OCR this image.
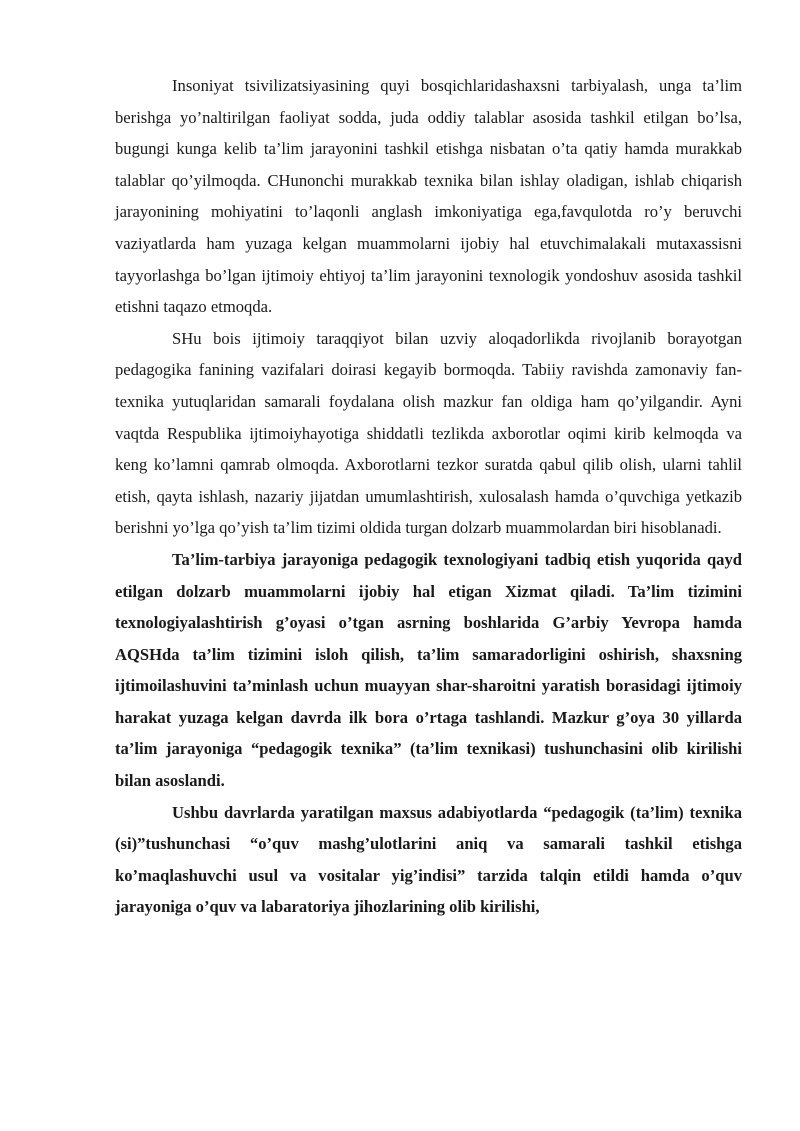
Insoniyat tsivilizatsiyasining quyi bosqichlaridashaxsni tarbiyalash, unga ta’lim berishga yo’naltirilgan faoliyat sodda, juda oddiy talablar asosida tashkil etilgan bo’lsa, bugungi kunga kelib ta’lim jarayonini tashkil etishga nisbatan o’ta qatiy hamda murakkab talablar qo’yilmoqda. CHunonchi murakkab texnika bilan ishlay oladigan, ishlab chiqarish jarayonining mohiyatini to’laqonli anglash imkoniyatiga ega,favqulotda ro’y beruvchi vaziyatlarda ham yuzaga kelgan muammolarni ijobiy hal etuvchimalakali mutaxassisni tayyorlashga bo’lgan ijtimoiy ehtiyoj ta’lim jarayonini texnologik yondoshuv asosida tashkil etishni taqazo etmoqda.

SHu bois ijtimoiy taraqqiyot bilan uzviy aloqadorlikda rivojlanib borayotgan pedagogika fanining vazifalari doirasi kegayib bormoqda. Tabiiy ravishda zamonaviy fan-texnika yutuqlaridan samarali foydalana olish mazkur fan oldiga ham qo’yilgandir. Ayni vaqtda Respublika ijtimoiyhayotiga shiddatli tezlikda axborotlar oqimi kirib kelmoqda va keng ko’lamni qamrab olmoqda. Axborotlarni tezkor suratda qabul qilib olish, ularni tahlil etish, qayta ishlash, nazariy jijatdan umumlashtirish, xulosalash hamda o’quvchiga yetkazib berishni yo’lga qo’yish ta’lim tizimi oldida turgan dolzarb muammolardan biri hisoblanadi.

Ta’lim-tarbiya jarayoniga pedagogik texnologiyani tadbiq etish yuqorida qayd etilgan dolzarb muammolarni ijobiy hal etigan Xizmat qiladi. Ta’lim tizimini texnologiyalashtirish g’oyasi o’tgan asrning boshlarida G’arbiy Yevropa hamda AQSHda ta’lim tizimini isloh qilish, ta’lim samaradorligini oshirish, shaxsning ijtimoilashuvini ta’minlash uchun muayyan shar-sharoitni yaratish borasidagi ijtimoiy harakat yuzaga kelgan davrda ilk bora o’rtaga tashlandi. Mazkur g’oya 30 yillarda ta’lim jarayoniga “pedagogik texnika” (ta’lim texnikasi) tushunchasini olib kirilishi bilan asoslandi.

Ushbu davrlarda yaratilgan maxsus adabiyotlarda “pedagogik (ta’lim) texnika (si)”tushunchasi “o’quv mashg’ulotlarini aniq va samarali tashkil etishga ko’maqlashuvchi usul va vositalar yig’indisi” tarzida talqin etildi hamda o’quv jarayoniga o’quv va labaratoriya jihozlarining olib kirilishi,
